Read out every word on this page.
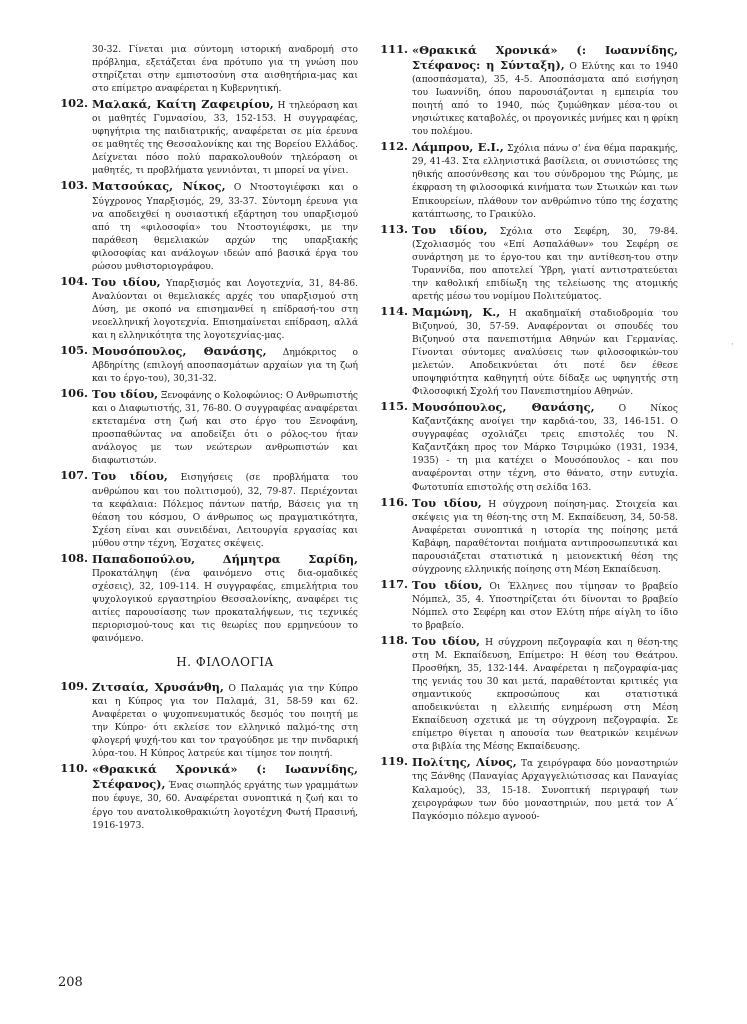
30-32. Γίνεται μια σύντομη ιστορική αναδρομή στο πρόβλημα, εξετάζεται ένα πρότυπο για τη γνώση που στηρίζεται στην εμπιστοσύνη στα αισθητήρια-μας και στο επίμετρο αναφέρεται η Κυβερνητική.

102. Μαλακά, Καίτη Ζαφειρίου, Η τηλεόραση και οι μαθητές Γυμνασίου, 33, 152-153. Η συγγραφέας, υφηγήτρια της παιδιατρικής, αναφέρεται σε μία έρευνα σε μαθητές της Θεσσαλονίκης και της Βορείου Ελλάδος. Δείχνεται πόσο πολύ παρακολουθούν τηλεόραση οι μαθητές, τι προβλήματα γεννιόνται, τι μπορεί να γίνει.
103. Ματσούκας, Νίκος, Ο Ντοστογιέφσκι και ο Σύγχρονος Υπαρξισμός, 29, 33-37. Σύντομη έρευνα για να αποδειχθεί η ουσιαστική εξάρτηση του υπαρξισμού από τη «φιλοσοφία» του Ντοστογιέφσκι, με την παράθεση θεμελιακών αρχών της υπαρξιακής φιλοσοφίας και ανάλογων ιδεών από βασικά έργα του ρώσου μυθιστοριογράφου.
104. Του ιδίου, Υπαρξισμός και Λογοτεχνία, 31, 84-86. Αναλύονται οι θεμελιακές αρχές του υπαρξισμού στη Δύση, με σκοπό να επισημανθεί η επίδρασή-του στη νεοελληνική λογοτεχνία. Επισημαίνεται επίδραση, αλλά και η ελληνικότητα της λογοτεχνίας-μας.
105. Μουσόπουλος, Θανάσης, Δημόκριτος ο Αβδηρίτης (επιλογή αποσπασμάτων αρχαίων για τη ζωή και το έργο-του), 30,31-32.
106. Του ιδίου, Ξενοφάνης ο Κολοφώνιος: Ο Ανθρωπιστής και ο Διαφωτιστής, 31, 76-80. Ο συγγραφέας αναφέρεται εκτεταμένα στη ζωή και στο έργο του Ξενοφάνη, προσπαθώντας να αποδείξει ότι ο ρόλος-του ήταν ανάλογος με των νεώτερων ανθρωπιστών και διαφωτιστών.
107. Του ιδίου, Εισηγήσεις (σε προβλήματα του ανθρώπου και του πολιτισμού), 32, 79-87. Περιέχονται τα κεφάλαια: Πόλεμος πάντων πατήρ, Βάσεις για τη θέαση του κόσμου, Ο άνθρωπος ως πραγματικότητα, Σχέση είναι και συνειδέναι, Λειτουργία εργασίας και μύθου στην τέχνη, Έσχατες σκέψεις.
108. Παπαδοπούλου, Δήμητρα Σαρίδη, Προκατάληψη (ένα φαινόμενο στις δια-ομαδικές σχέσεις), 32, 109-114. Η συγγραφέας, επιμελήτρια του ψυχολογικού εργαστηρίου Θεσσαλονίκης, αναφέρει τις αιτίες παρουσίασης των προκαταλήψεων, τις τεχνικές περιορισμού-τους και τις θεωρίες που ερμηνεύουν το φαινόμενο.
Η. ΦΙΛΟΛΟΓΙΑ
109. Ζιτσαία, Χρυσάνθη, Ο Παλαμάς για την Κύπρο και η Κύπρος για τον Παλαμά, 31, 58-59 και 62. Αναφέρεται ο ψυχοπνευματικός δεσμός του ποιητή με την Κύπρο· ότι εκλείσε τον ελληνικό παλμό-της στη φλογερή ψυχή-του και τον τραγούδησε με την πινδαρική λύρα-του. Η Κύπρος λατρεύε και τίμησε τον ποιητή.
110. «Θρακικά Χρονικά» (: Ιωαννίδης, Στέφανος), Ένας σιωπηλός εργάτης των γραμμάτων που έφυγε, 30, 60. Αναφέρεται συνοπτικά η ζωή και το έργο του ανατολικοθρακιώτη λογοτέχνη Φωτή Πρασινή, 1916-1973.
111. «Θρακικά Χρονικά» (: Ιωαννίδης, Στέφανος: η Σύνταξη), Ο Ελύτης και το 1940 (αποσπάσματα), 35, 4-5. Αποσπάσματα από εισήγηση του Ιωαννίδη, όπου παρουσιάζονται η εμπειρία του ποιητή από το 1940, πώς ζυμώθηκαν μέσα-του οι νησιώτικες καταβολές, οι προγονικές μνήμες και η φρίκη του πολέμου.
112. Λάμπρου, Ε.Ι., Σχόλια πάνω σ' ένα θέμα παρακμής, 29, 41-43. Στα ελληνιστικά βασίλεια, οι συνιστώσες της ηθικής αποσύνθεσης και του σύνδρομου της Ρώμης, με έκφραση τη φιλοσοφικά κινήματα των Στωικών και των Επικουρείων, πλάθουν τον ανθρώπινο τύπο της έσχατης κατάπτωσης, το Γραικύλο.
113. Του ιδίου, Σχόλια στο Σεφέρη, 30, 79-84. (Σχολιασμός του «Επί Ασπαλάθων» του Σεφέρη σε συνάρτηση με το έργο-του και την αντίθεση-του στην Τυραννίδα, που αποτελεί Ύβρη, γιατί αντιστρατεύεται την καθολική επιδίωξη της τελείωσης της ατομικής αρετής μέσω του νομίμου Πολιτεύματος.
114. Μαμώνη, Κ., Η ακαδημαϊκή σταδιοδρομία του Βιζυηνού, 30, 57-59. Αναφέρονται οι σπουδές του Βιζυηνού στα πανεπιστήμια Αθηνών και Γερμανίας. Γίνονται σύντομες αναλύσεις των φιλοσοφικών-του μελετών. Αποδεικνύεται ότι ποτέ δεν έθεσε υποψηφιότητα καθηγητή ούτε δίδαξε ως υφηγητής στη Φιλοσοφική Σχολή του Πανεπιστημίου Αθηνών.
115. Μουσόπουλος, Θανάσης, Ο Νίκος Καζαντζάκης ανοίγει την καρδιά-του, 33, 146-151. Ο συγγραφέας σχολιάζει τρεις επιστολές του Ν. Καζαντζάκη προς τον Μάρκο Τσιριμώκο (1931, 1934, 1935) - τη μια κατέχει ο Μουσόπουλος - και που αναφέρονται στην τέχνη, στο θάνατο, στην ευτυχία. Φωτοτυπία επιστολής στη σελίδα 163.
116. Του ιδίου, Η σύγχρονη ποίηση-μας. Στοιχεία και σκέψεις για τη θέση-της στη Μ. Εκπαίδευση, 34, 50-58. Αναφέρεται συνοπτικά η ιστορία της ποίησης μετά Καβάφη, παραθέτονται ποιήματα αντιπροσωπευτικά και παρουσιάζεται στατιστικά η μειονεκτική θέση της σύγχρονης ελληνικής ποίησης στη Μέση Εκπαίδευση.
117. Του ιδίου, Οι Έλληνες που τίμησαν το βραβείο Νόμπελ, 35, 4. Υποστηρίζεται ότι δίνονται το βραβείο Νόμπελ στο Σεφέρη και στον Ελύτη πήρε αίγλη το ίδιο το βραβείο.
118. Του ιδίου, Η σύγχρονη πεζογραφία και η θέση-της στη Μ. Εκπαίδευση, Επίμετρο: Η θέση του Θεάτρου. Προσθήκη, 35, 132-144. Αναφέρεται η πεζογραφία-μας της γενιάς του 30 και μετά, παραθέτονται κριτικές για σημαντικούς εκπροσώπους και στατιστικά αποδεικνύεται η ελλειπής ενημέρωση στη Μέση Εκπαίδευση σχετικά με τη σύγχρονη πεζογραφία. Σε επίμετρο θίγεται η απουσία των θεατρικών κειμένων στα βιβλία της Μέσης Εκπαίδευσης.
119. Πολίτης, Λίνος, Τα χειρόγραφα δύο μοναστηριών της Ξάνθης (Παναγίας Αρχαγγελιώτισσας και Παναγίας Καλαμούς), 33, 15-18. Συνοπτική περιγραφή των χειρογράφων των δύο μοναστηριών, που μετά τον Α΄ Παγκόσμιο πόλεμο αγνοού-
208
·
